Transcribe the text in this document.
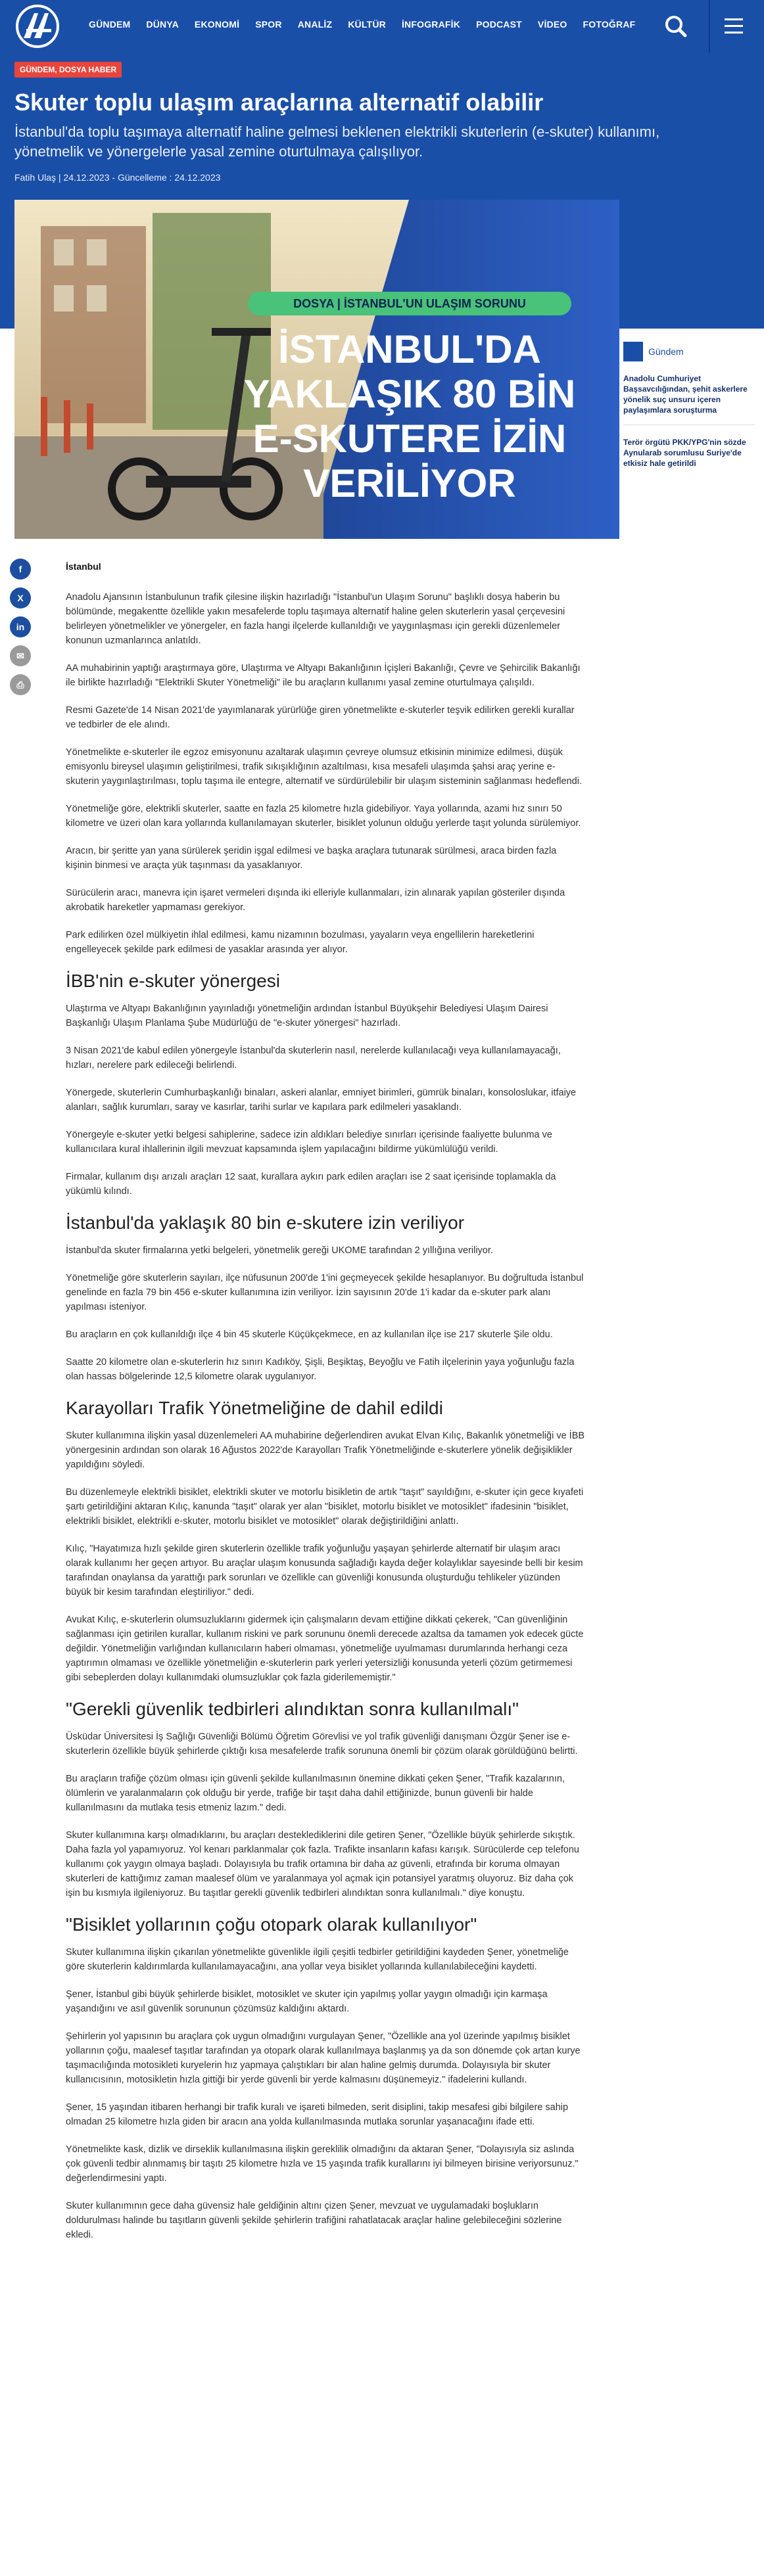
GÜNDEM DÜNYA EKONOMİ SPOR ANALİZ KÜLTÜR İNFOGRAFİK PODCAST VİDEO FOTOĞRAF
GÜNDEM, DOSYA HABER
Skuter toplu ulaşım araçlarına alternatif olabilir
İstanbul'da toplu taşımaya alternatif haline gelmesi beklenen elektrikli skuterlerin (e-skuter) kullanımı, yönetmelik ve yönergelerle yasal zemine oturtulmaya çalışılıyor.
Fatih Ulaş | 24.12.2023 - Güncelleme : 24.12.2023
DOSYA | İSTANBUL'UN ULAŞIM SORUNU
İSTANBUL'DA
YAKLAŞIK 80 BİN
E-SKUTERE İZİN
VERİLİYOR
Gündem
Anadolu Cumhuriyet Başsavcılığından, şehit askerlere yönelik suç unsuru içeren paylaşımlara soruşturma
Terör örgütü PKK/YPG'nin sözde Aynularab sorumlusu Suriye'de etkisiz hale getirildi
f
X
in
✉
⎙
İstanbul

Anadolu Ajansının İstanbulunun trafik çilesine ilişkin hazırladığı "İstanbul'un Ulaşım Sorunu" başlıklı dosya haberin bu bölümünde, megakentte özellikle yakın mesafelerde toplu taşımaya alternatif haline gelen skuterlerin yasal çerçevesini belirleyen yönetmelikler ve yönergeler, en fazla hangi ilçelerde kullanıldığı ve yaygınlaşması için gerekli düzenlemeler konunun uzmanlarınca anlatıldı.

AA muhabirinin yaptığı araştırmaya göre, Ulaştırma ve Altyapı Bakanlığının İçişleri Bakanlığı, Çevre ve Şehircilik Bakanlığı ile birlikte hazırladığı "Elektrikli Skuter Yönetmeliği" ile bu araçların kullanımı yasal zemine oturtulmaya çalışıldı.

Resmi Gazete'de 14 Nisan 2021'de yayımlanarak yürürlüğe giren yönetmelikte e-skuterler teşvik edilirken gerekli kurallar ve tedbirler de ele alındı.

Yönetmelikte e-skuterler ile egzoz emisyonunu azaltarak ulaşımın çevreye olumsuz etkisinin minimize edilmesi, düşük emisyonlu bireysel ulaşımın geliştirilmesi, trafik sıkışıklığının azaltılması, kısa mesafeli ulaşımda şahsi araç yerine e-skuterin yaygınlaştırılması, toplu taşıma ile entegre, alternatif ve sürdürülebilir bir ulaşım sisteminin sağlanması hedeflendi.

Yönetmeliğe göre, elektrikli skuterler, saatte en fazla 25 kilometre hızla gidebiliyor. Yaya yollarında, azami hız sınırı 50 kilometre ve üzeri olan kara yollarında kullanılamayan skuterler, bisiklet yolunun olduğu yerlerde taşıt yolunda sürülemiyor.

Aracın, bir şeritte yan yana sürülerek şeridin işgal edilmesi ve başka araçlara tutunarak sürülmesi, araca birden fazla kişinin binmesi ve araçta yük taşınması da yasaklanıyor.

Sürücülerin aracı, manevra için işaret vermeleri dışında iki elleriyle kullanmaları, izin alınarak yapılan gösteriler dışında akrobatik hareketler yapmaması gerekiyor.

Park edilirken özel mülkiyetin ihlal edilmesi, kamu nizamının bozulması, yayaların veya engellilerin hareketlerini engelleyecek şekilde park edilmesi de yasaklar arasında yer alıyor.

İBB'nin e-skuter yönergesi

Ulaştırma ve Altyapı Bakanlığının yayınladığı yönetmeliğin ardından İstanbul Büyükşehir Belediyesi Ulaşım Dairesi Başkanlığı Ulaşım Planlama Şube Müdürlüğü de "e-skuter yönergesi" hazırladı.

3 Nisan 2021'de kabul edilen yönergeyle İstanbul'da skuterlerin nasıl, nerelerde kullanılacağı veya kullanılamayacağı, hızları, nerelere park edileceği belirlendi.

Yönergede, skuterlerin Cumhurbaşkanlığı binaları, askeri alanlar, emniyet birimleri, gümrük binaları, konsoloslukar, itfaiye alanları, sağlık kurumları, saray ve kasırlar, tarihi surlar ve kapılara park edilmeleri yasaklandı.

Yönergeyle e-skuter yetki belgesi sahiplerine, sadece izin aldıkları belediye sınırları içerisinde faaliyette bulunma ve kullanıcılara kural ihlallerinin ilgili mevzuat kapsamında işlem yapılacağını bildirme yükümlülüğü verildi.

Firmalar, kullanım dışı arızalı araçları 12 saat, kurallara aykırı park edilen araçları ise 2 saat içerisinde toplamakla da yükümlü kılındı.

İstanbul'da yaklaşık 80 bin e-skutere izin veriliyor

İstanbul'da skuter firmalarına yetki belgeleri, yönetmelik gereği UKOME tarafından 2 yıllığına veriliyor.

Yönetmeliğe göre skuterlerin sayıları, ilçe nüfusunun 200'de 1'ini geçmeyecek şekilde hesaplanıyor. Bu doğrultuda İstanbul genelinde en fazla 79 bin 456 e-skuter kullanımına izin veriliyor. İzin sayısının 20'de 1'i kadar da e-skuter park alanı yapılması isteniyor.

Bu araçların en çok kullanıldığı ilçe 4 bin 45 skuterle Küçükçekmece, en az kullanılan ilçe ise 217 skuterle Şile oldu.

Saatte 20 kilometre olan e-skuterlerin hız sınırı Kadıköy, Şişli, Beşiktaş, Beyoğlu ve Fatih ilçelerinin yaya yoğunluğu fazla olan hassas bölgelerinde 12,5 kilometre olarak uygulanıyor.

Karayolları Trafik Yönetmeliğine de dahil edildi

Skuter kullanımına ilişkin yasal düzenlemeleri AA muhabirine değerlendiren avukat Elvan Kılıç, Bakanlık yönetmeliği ve İBB yönergesinin ardından son olarak 16 Ağustos 2022'de Karayolları Trafik Yönetmeliğinde e-skuterlere yönelik değişiklikler yapıldığını söyledi.

Bu düzenlemeyle elektrikli bisiklet, elektrikli skuter ve motorlu bisikletin de artık "taşıt" sayıldığını, e-skuter için gece kıyafeti şartı getirildiğini aktaran Kılıç, kanunda "taşıt" olarak yer alan "bisiklet, motorlu bisiklet ve motosiklet" ifadesinin "bisiklet, elektrikli bisiklet, elektrikli e-skuter, motorlu bisiklet ve motosiklet" olarak değiştirildiğini anlattı.

Kılıç, "Hayatımıza hızlı şekilde giren skuterlerin özellikle trafik yoğunluğu yaşayan şehirlerde alternatif bir ulaşım aracı olarak kullanımı her geçen artıyor. Bu araçlar ulaşım konusunda sağladığı kayda değer kolaylıklar sayesinde belli bir kesim tarafından onaylansa da yarattığı park sorunları ve özellikle can güvenliği konusunda oluşturduğu tehlikeler yüzünden büyük bir kesim tarafından eleştiriliyor." dedi.

Avukat Kılıç, e-skuterlerin olumsuzluklarını gidermek için çalışmaların devam ettiğine dikkati çekerek, "Can güvenliğinin sağlanması için getirilen kurallar, kullanım riskini ve park sorununu önemli derecede azaltsa da tamamen yok edecek gücte değildir. Yönetmeliğin varlığından kullanıcıların haberi olmaması, yönetmeliğe uyulmaması durumlarında herhangi ceza yaptırımın olmaması ve özellikle yönetmeliğin e-skuterlerin park yerleri yetersizliği konusunda yeterli çözüm getirmemesi gibi sebeplerden dolayı kullanımdaki olumsuzluklar çok fazla giderilememiştir."

"Gerekli güvenlik tedbirleri alındıktan sonra kullanılmalı"

Üsküdar Üniversitesi İş Sağlığı Güvenliği Bölümü Öğretim Görevlisi ve yol trafik güvenliği danışmanı Özgür Şener ise e-skuterlerin özellikle büyük şehirlerde çıktığı kısa mesafelerde trafik sorununa önemli bir çözüm olarak görüldüğünü belirtti.

Bu araçların trafiğe çözüm olması için güvenli şekilde kullanılmasının önemine dikkati çeken Şener, "Trafik kazalarının, ölümlerin ve yaralanmaların çok olduğu bir yerde, trafiğe bir taşıt daha dahil ettiğinizde, bunun güvenli bir halde kullanılmasını da mutlaka tesis etmeniz lazım." dedi.

Skuter kullanımına karşı olmadıklarını, bu araçları desteklediklerini dile getiren Şener, "Özellikle büyük şehirlerde sıkıştık. Daha fazla yol yapamıyoruz. Yol kenarı parklanmalar çok fazla. Trafikte insanların kafası karışık. Sürücülerde cep telefonu kullanımı çok yaygın olmaya başladı. Dolayısıyla bu trafik ortamına bir daha az güvenli, etrafında bir koruma olmayan skuterleri de kattığımız zaman maalesef ölüm ve yaralanmaya yol açmak için potansiyel yaratmış oluyoruz. Biz daha çok işin bu kısmıyla ilgileniyoruz. Bu taşıtlar gerekli güvenlik tedbirleri alındıktan sonra kullanılmalı." diye konuştu.

"Bisiklet yollarının çoğu otopark olarak kullanılıyor"

Skuter kullanımına ilişkin çıkarılan yönetmelikte güvenlikle ilgili çeşitli tedbirler getirildiğini kaydeden Şener, yönetmeliğe göre skuterlerin kaldırımlarda kullanılamayacağını, ana yollar veya bisiklet yollarında kullanılabileceğini kaydetti.

Şener, İstanbul gibi büyük şehirlerde bisiklet, motosiklet ve skuter için yapılmış yollar yaygın olmadığı için karmaşa yaşandığını ve asıl güvenlik sorununun çözümsüz kaldığını aktardı.

Şehirlerin yol yapısının bu araçlara çok uygun olmadığını vurgulayan Şener, "Özellikle ana yol üzerinde yapılmış bisiklet yollarının çoğu, maalesef taşıtlar tarafından ya otopark olarak kullanılmaya başlanmış ya da son dönemde çok artan kurye taşımacılığında motosikleti kuryelerin hız yapmaya çalıştıkları bir alan haline gelmiş durumda. Dolayısıyla bir skuter kullanıcısının, motosikletin hızla gittiği bir yerde güvenli bir yerde kalmasını düşünemeyiz." ifadelerini kullandı.

Şener, 15 yaşından itibaren herhangi bir trafik kuralı ve işareti bilmeden, serit disiplini, takip mesafesi gibi bilgilere sahip olmadan 25 kilometre hızla giden bir aracın ana yolda kullanılmasında mutlaka sorunlar yaşanacağını ifade etti.

Yönetmelikte kask, dizlik ve dirseklik kullanılmasına ilişkin gereklilik olmadığını da aktaran Şener, "Dolayısıyla siz aslında çok güvenli tedbir alınmamış bir taşıtı 25 kilometre hızla ve 15 yaşında trafik kurallarını iyi bilmeyen birisine veriyorsunuz." değerlendirmesini yaptı.

Skuter kullanımının gece daha güvensiz hale geldiğinin altını çizen Şener, mevzuat ve uygulamadaki boşlukların doldurulması halinde bu taşıtların güvenli şekilde şehirlerin trafiğini rahatlatacak araçlar haline gelebileceğini sözlerine ekledi.
